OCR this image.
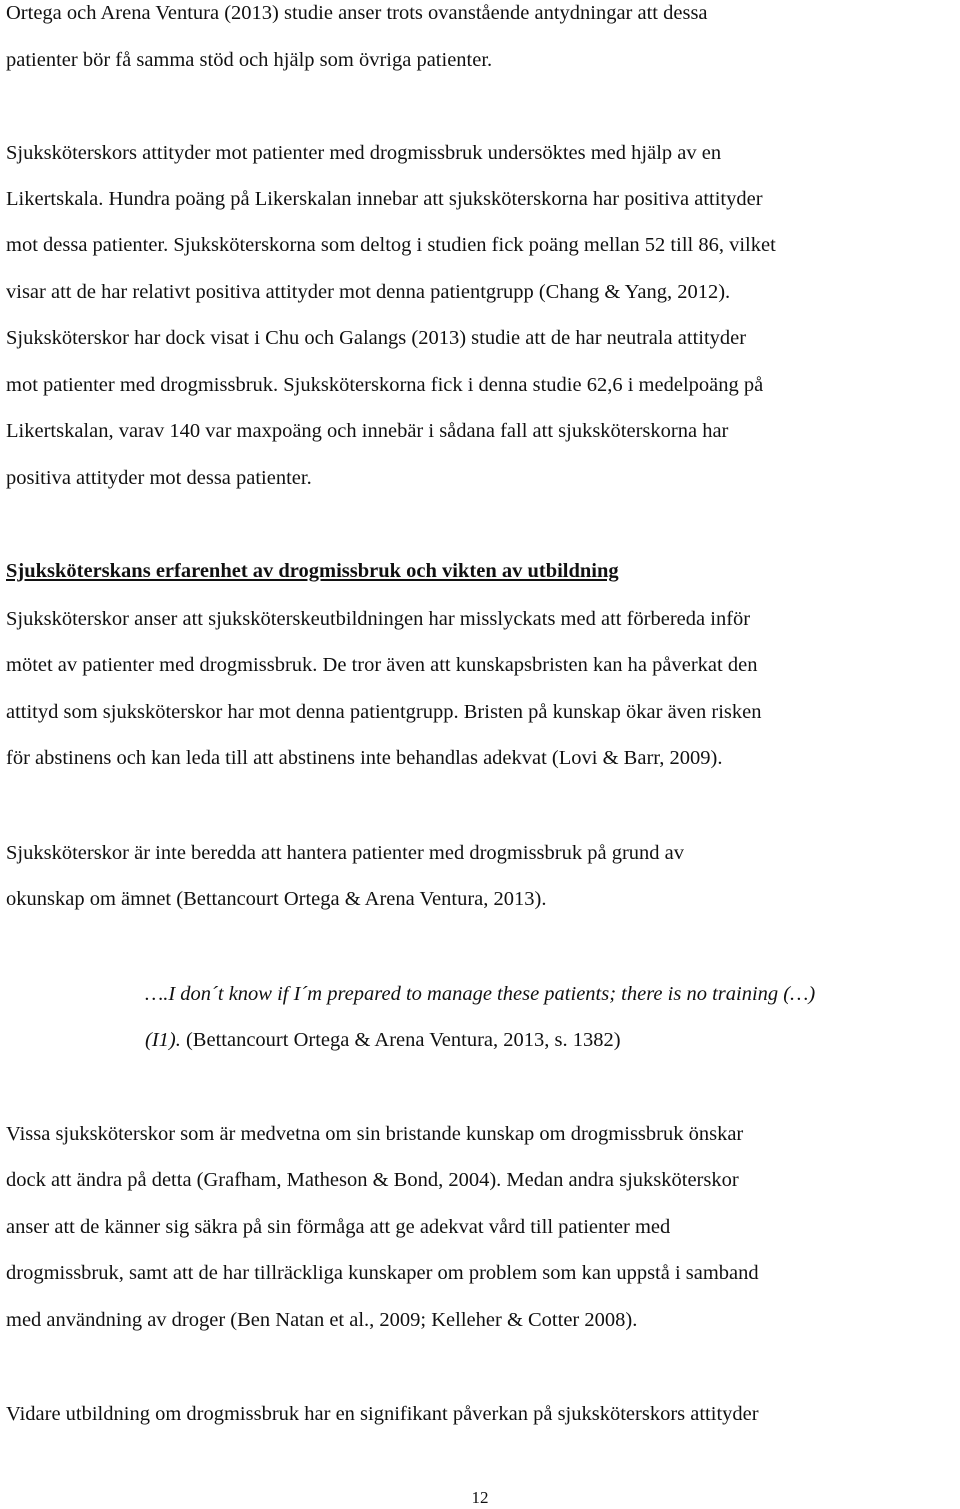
Ortega och Arena Ventura (2013) studie anser trots ovanstående antydningar att dessa
patienter bör få samma stöd och hjälp som övriga patienter.
Sjuksköterskors attityder mot patienter med drogmissbruk undersöktes med hjälp av en
Likertskala. Hundra poäng på Likerskalan innebar att sjuksköterskorna har positiva attityder
mot dessa patienter. Sjuksköterskorna som deltog i studien fick poäng mellan 52 till 86, vilket
visar att de har relativt positiva attityder mot denna patientgrupp (Chang & Yang, 2012).
Sjuksköterskor har dock visat i Chu och Galangs (2013) studie att de har neutrala attityder
mot patienter med drogmissbruk. Sjuksköterskorna fick i denna studie 62,6 i medelpoäng på
Likertskalan, varav 140 var maxpoäng och innebär i sådana fall att sjuksköterskorna har
positiva attityder mot dessa patienter.
Sjuksköterskans erfarenhet av drogmissbruk och vikten av utbildning
Sjuksköterskor anser att sjuksköterskeutbildningen har misslyckats med att förbereda inför
mötet av patienter med drogmissbruk. De tror även att kunskapsbristen kan ha påverkat den
attityd som sjuksköterskor har mot denna patientgrupp. Bristen på kunskap ökar även risken
för abstinens och kan leda till att abstinens inte behandlas adekvat (Lovi & Barr, 2009).
Sjuksköterskor är inte beredda att hantera patienter med drogmissbruk på grund av
okunskap om ämnet (Bettancourt Ortega & Arena Ventura, 2013).
….I don´t know if I´m prepared to manage these patients; there is no training (…)
(I1). (Bettancourt Ortega & Arena Ventura, 2013, s. 1382)
Vissa sjuksköterskor som är medvetna om sin bristande kunskap om drogmissbruk önskar
dock att ändra på detta (Grafham, Matheson & Bond, 2004). Medan andra sjuksköterskor
anser att de känner sig säkra på sin förmåga att ge adekvat vård till patienter med
drogmissbruk, samt att de har tillräckliga kunskaper om problem som kan uppstå i samband
med användning av droger (Ben Natan et al., 2009; Kelleher & Cotter 2008).
Vidare utbildning om drogmissbruk har en signifikant påverkan på sjuksköterskors attityder
12
